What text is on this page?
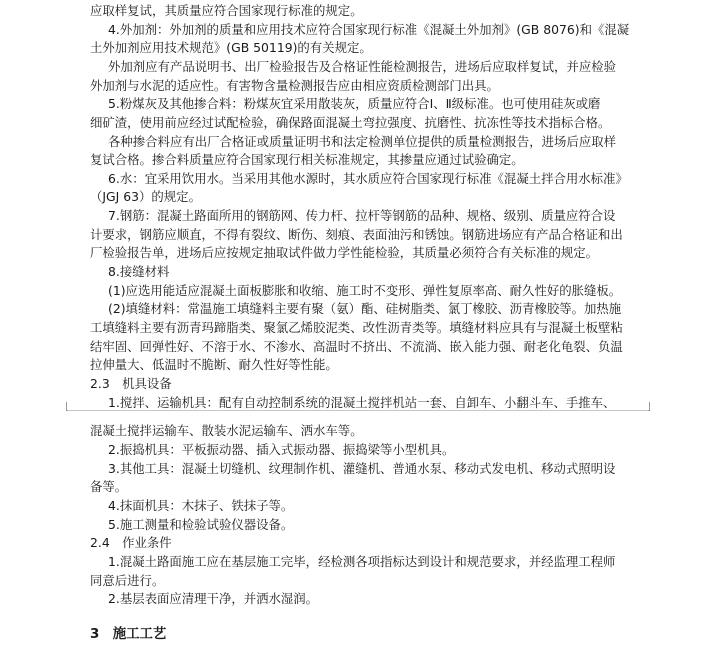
应取样复试，其质量应符合国家现行标准的规定。
4.外加剂：外加剂的质量和应用技术应符合国家现行标准《混凝土外加剂》(GB 8076)和《混凝
土外加剂应用技术规范》(GB 50119)的有关规定。
外加剂应有产品说明书、出厂检验报告及合格证性能检测报告，进场后应取样复试，并应检验
外加剂与水泥的适应性。有害物含量检测报告应由相应资质检测部门出具。
5.粉煤灰及其他掺合料：粉煤灰宜采用散装灰，质量应符合Ⅰ、Ⅱ级标准。也可使用硅灰或磨
细矿渣，使用前应经过试配检验，确保路面混凝土弯拉强度、抗磨性、抗冻性等技术指标合格。
各种掺合料应有出厂合格证或质量证明书和法定检测单位提供的质量检测报告，进场后应取样
复试合格。掺合料质量应符合国家现行相关标准规定，其掺量应通过试验确定。
6.水：宜采用饮用水。当采用其他水源时，其水质应符合国家现行标准《混凝土拌合用水标准》
（JGJ 63）的规定。
7.钢筋：混凝土路面所用的钢筋网、传力杆、拉杆等钢筋的品种、规格、级别、质量应符合设
计要求，钢筋应顺直，不得有裂纹、断伤、刻痕、表面油污和锈蚀。钢筋进场应有产品合格证和出
厂检验报告单，进场后应按规定抽取试件做力学性能检验，其质量必须符合有关标准的规定。
8.接缝材料
(1)应选用能适应混凝土面板膨胀和收缩、施工时不变形、弹性复原率高、耐久性好的胀缝板。
(2)填缝材料：常温施工填缝料主要有聚（氨）酯、硅树脂类、氯丁橡胶、沥青橡胶等。加热施
工填缝料主要有沥青玛蹄脂类、聚氯乙烯胶泥类、改性沥青类等。填缝材料应具有与混凝土板壁粘
结牢固、回弹性好、不溶于水、不渗水、高温时不挤出、不流淌、嵌入能力强、耐老化龟裂、负温
拉伸量大、低温时不脆断、耐久性好等性能。
2.3　机具设备
1.搅拌、运输机具：配有自动控制系统的混凝土搅拌机站一套、自卸车、小翻斗车、手推车、
混凝土搅拌运输车、散装水泥运输车、洒水车等。
2.振捣机具：平板振动器、插入式振动器、振捣梁等小型机具。
3.其他工具：混凝土切缝机、纹理制作机、灌缝机、普通水泵、移动式发电机、移动式照明设
备等。
4.抹面机具：木抹子、铁抹子等。
5.施工测量和检验试验仪器设备。
2.4　作业条件
1.混凝土路面施工应在基层施工完毕，经检测各项指标达到设计和规范要求，并经监理工程师
同意后进行。
2.基层表面应清理干净，并洒水湿润。
3　施工工艺
